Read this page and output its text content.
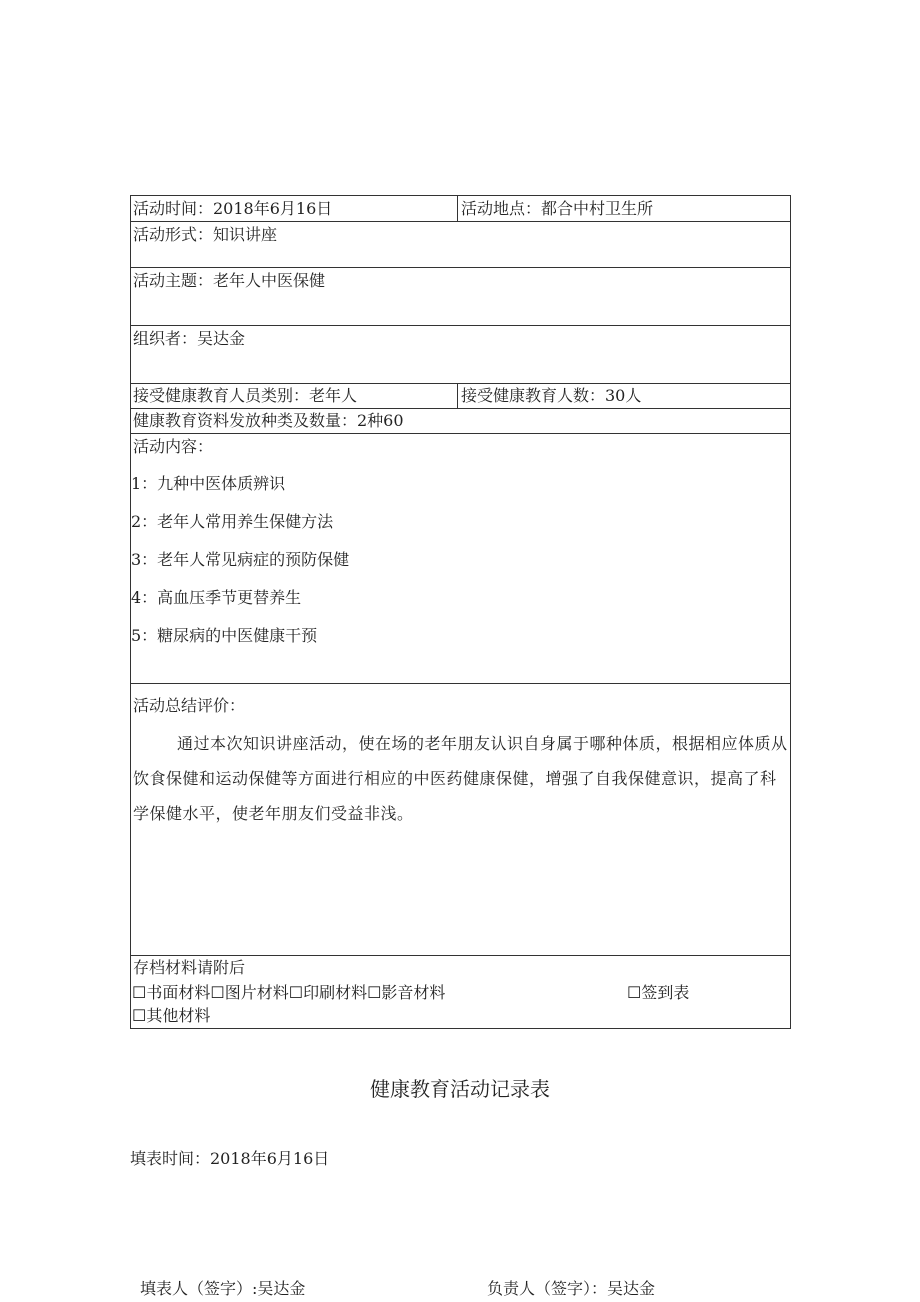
活动时间：2018年6月16日	活动地点：都合中村卫生所
活动形式：知识讲座
活动主题：老年人中医保健
组织者：吴达金
接受健康教育人员类别：老年人	接受健康教育人数：30人
健康教育资料发放种类及数量：2种60
活动内容：
1：九种中医体质辨识
2：老年人常用养生保健方法
3：老年人常见病症的预防保健
4：高血压季节更替养生
5：糖尿病的中医健康干预
活动总结评价：
通过本次知识讲座活动，使在场的老年朋友认识自身属于哪种体质，根据相应体质从饮食保健和运动保健等方面进行相应的中医药健康保健，增强了自我保健意识，提高了科学保健水平，使老年朋友们受益非浅。
存档材料请附后
☐书面材料☐图片材料☐印刷材料☐影音材料	☐签到表
☐其他材料
健康教育活动记录表
填表时间：2018年6月16日
填表人（签字）:吴达金	负责人（签字）：吴达金
